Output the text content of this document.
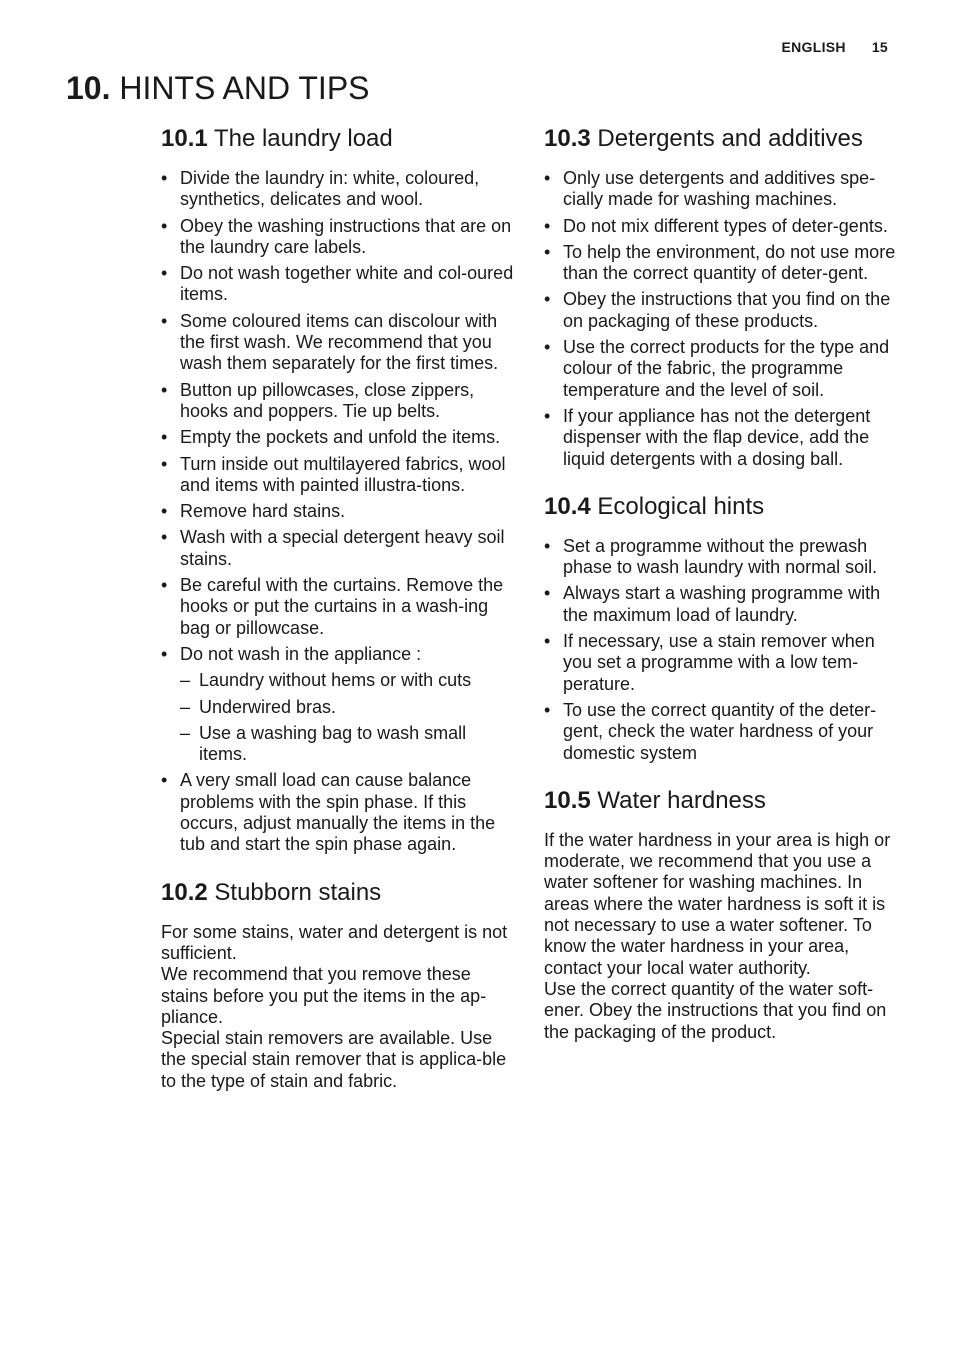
ENGLISH 15
10. HINTS AND TIPS
10.1 The laundry load
• Divide the laundry in: white, coloured, synthetics, delicates and wool.
• Obey the washing instructions that are on the laundry care labels.
• Do not wash together white and col-oured items.
• Some coloured items can discolour with the first wash. We recommend that you wash them separately for the first times.
• Button up pillowcases, close zippers, hooks and poppers. Tie up belts.
• Empty the pockets and unfold the items.
• Turn inside out multilayered fabrics, wool and items with painted illustra-tions.
• Remove hard stains.
• Wash with a special detergent heavy soil stains.
• Be careful with the curtains. Remove the hooks or put the curtains in a wash-ing bag or pillowcase.
• Do not wash in the appliance :
– Laundry without hems or with cuts
– Underwired bras.
– Use a washing bag to wash small items.
• A very small load can cause balance problems with the spin phase. If this occurs, adjust manually the items in the tub and start the spin phase again.
10.2 Stubborn stains

For some stains, water and detergent is not sufficient.

We recommend that you remove these stains before you put the items in the ap-pliance.

Special stain removers are available. Use the special stain remover that is applica-ble to the type of stain and fabric.

10.3 Detergents and additives
• Only use detergents and additives spe-cially made for washing machines.
• Do not mix different types of deter-gents.
• To help the environment, do not use more than the correct quantity of deter-gent.
• Obey the instructions that you find on the on packaging of these products.
• Use the correct products for the type and colour of the fabric, the programme temperature and the level of soil.
• If your appliance has not the detergent dispenser with the flap device, add the liquid detergents with a dosing ball.
10.4 Ecological hints
• Set a programme without the prewash phase to wash laundry with normal soil.
• Always start a washing programme with the maximum load of laundry.
• If necessary, use a stain remover when you set a programme with a low tem-perature.
• To use the correct quantity of the deter-gent, check the water hardness of your domestic system
10.5 Water hardness

If the water hardness in your area is high or moderate, we recommend that you use a water softener for washing machines. In areas where the water hardness is soft it is not necessary to use a water softener. To know the water hardness in your area, contact your local water authority.

Use the correct quantity of the water soft-ener. Obey the instructions that you find on the packaging of the product.
